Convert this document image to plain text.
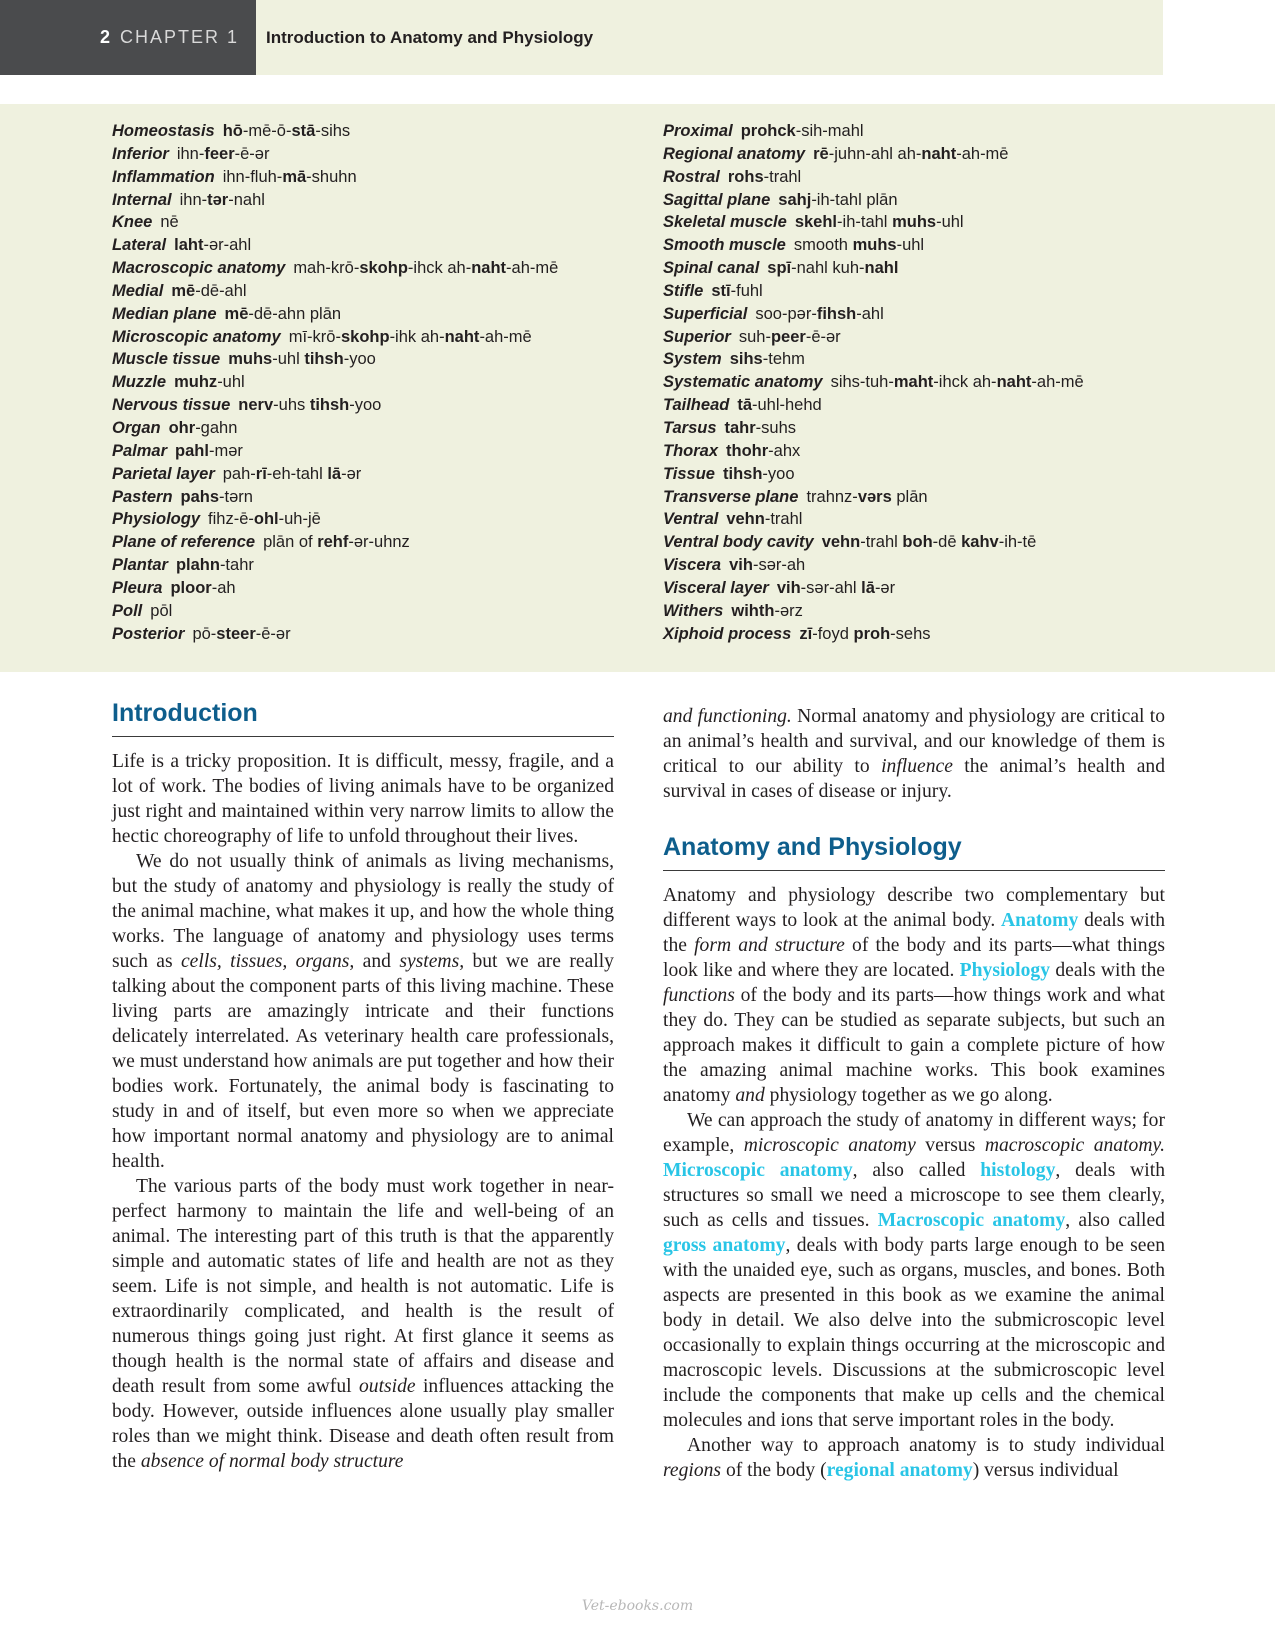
2 CHAPTER 1	Introduction to Anatomy and Physiology
Homeostasis hō-mē-ō-stā-sihs
Inferior ihn-feer-ē-ər
Inflammation ihn-fluh-mā-shuhn
Internal ihn-tər-nahl
Knee nē
Lateral laht-ər-ahl
Macroscopic anatomy mah-krō-skohp-ihck ah-naht-ah-mē
Medial mē-dē-ahl
Median plane mē-dē-ahn plān
Microscopic anatomy mī-krō-skohp-ihk ah-naht-ah-mē
Muscle tissue muhs-uhl tihsh-yoo
Muzzle muhz-uhl
Nervous tissue nerv-uhs tihsh-yoo
Organ ohr-gahn
Palmar pahl-mər
Parietal layer pah-rī-eh-tahl lā-ər
Pastern pahs-tərn
Physiology fihz-ē-ohl-uh-jē
Plane of reference plān of rehf-ər-uhnz
Plantar plahn-tahr
Pleura ploor-ah
Poll pōl
Posterior pō-steer-ē-ər
Proximal prohck-sih-mahl
Regional anatomy rē-juhn-ahl ah-naht-ah-mē
Rostral rohs-trahl
Sagittal plane sahj-ih-tahl plān
Skeletal muscle skehl-ih-tahl muhs-uhl
Smooth muscle smooth muhs-uhl
Spinal canal spī-nahl kuh-nahl
Stifle stī-fuhl
Superficial soo-pər-fihsh-ahl
Superior suh-peer-ē-ər
System sihs-tehm
Systematic anatomy sihs-tuh-maht-ihck ah-naht-ah-mē
Tailhead tā-uhl-hehd
Tarsus tahr-suhs
Thorax thohr-ahx
Tissue tihsh-yoo
Transverse plane trahnz-vərs plān
Ventral vehn-trahl
Ventral body cavity vehn-trahl boh-dē kahv-ih-tē
Viscera vih-sər-ah
Visceral layer vih-sər-ahl lā-ər
Withers wihth-ərz
Xiphoid process zī-foyd proh-sehs
Introduction

Life is a tricky proposition. It is difficult, messy, fragile, and a lot of work. The bodies of living animals have to be organized just right and maintained within very narrow limits to allow the hectic choreography of life to unfold throughout their lives.

We do not usually think of animals as living mechanisms, but the study of anatomy and physiology is really the study of the animal machine, what makes it up, and how the whole thing works. The language of anatomy and physiology uses terms such as cells, tissues, organs, and systems, but we are really talking about the component parts of this living machine. These living parts are amazingly intricate and their functions delicately interrelated. As veterinary health care professionals, we must understand how animals are put together and how their bodies work. Fortunately, the animal body is fascinating to study in and of itself, but even more so when we appreciate how important normal anatomy and physiology are to animal health.

The various parts of the body must work together in near-perfect harmony to maintain the life and well-being of an animal. The interesting part of this truth is that the apparently simple and automatic states of life and health are not as they seem. Life is not simple, and health is not automatic. Life is extraordinarily complicated, and health is the result of numerous things going just right. At first glance it seems as though health is the normal state of affairs and disease and death result from some awful outside influences attacking the body. However, outside influences alone usually play smaller roles than we might think. Disease and death often result from the absence of normal body structure

and functioning. Normal anatomy and physiology are critical to an animal’s health and survival, and our knowledge of them is critical to our ability to influence the animal’s health and survival in cases of disease or injury.

Anatomy and Physiology

Anatomy and physiology describe two complementary but different ways to look at the animal body. Anatomy deals with the form and structure of the body and its parts—what things look like and where they are located. Physiology deals with the functions of the body and its parts—how things work and what they do. They can be studied as separate subjects, but such an approach makes it difficult to gain a complete picture of how the amazing animal machine works. This book examines anatomy and physiology together as we go along.

We can approach the study of anatomy in different ways; for example, microscopic anatomy versus macroscopic anatomy. Microscopic anatomy, also called histology, deals with structures so small we need a microscope to see them clearly, such as cells and tissues. Macroscopic anatomy, also called gross anatomy, deals with body parts large enough to be seen with the unaided eye, such as organs, muscles, and bones. Both aspects are presented in this book as we examine the animal body in detail. We also delve into the submicroscopic level occasionally to explain things occurring at the microscopic and macroscopic levels. Discussions at the submicroscopic level include the components that make up cells and the chemical molecules and ions that serve important roles in the body.

Another way to approach anatomy is to study individual regions of the body (regional anatomy) versus individual

Vet-ebooks.com
